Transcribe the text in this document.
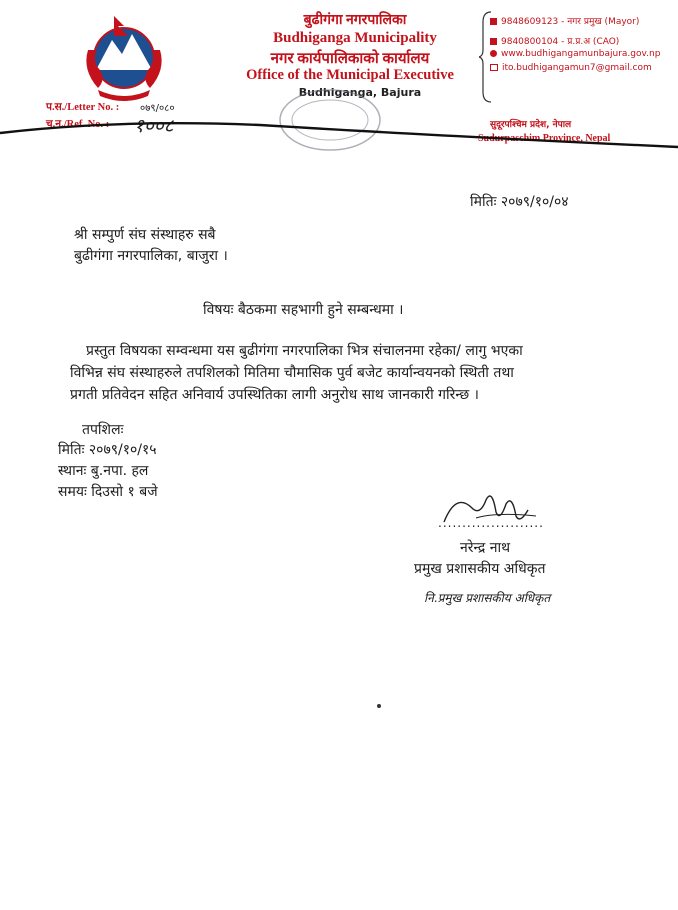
बुढीगंगा नगरपालिका
Budhiganga Municipality
नगर कार्यपालिकाको कार्यालय
Office of the Municipal Executive
Budhiganga, Bajura
9848609123 - नगर प्रमुख (Mayor)
9840800104 - प्र.प्र.अ (CAO)
www.budhigangamunbajura.gov.np
ito.budhigangamun7@gmail.com
प.स./Letter No. : ०७९/०८०
च.न./Ref. No. : १००८	सुदूरपश्चिम प्रदेश, नेपाल
Sudurpaschim Province, Nepal
मितिः २०७९/१०/०४
श्री सम्पुर्ण संघ संस्थाहरु सबै
बुढीगंगा नगरपालिका, बाजुरा ।
विषयः बैठकमा सहभागी हुने सम्बन्धमा ।
प्रस्तुत विषयका सम्वन्धमा यस बुढीगंगा नगरपालिका भित्र संचालनमा रहेका/ लागु भएका
विभिन्न संघ संस्थाहरुले तपशिलको मितिमा चौमासिक पुर्व बजेट कार्यान्वयनको स्थिती तथा
प्रगती प्रतिवेदन सहित अनिवार्य उपस्थितिका लागी अनुरोध साथ जानकारी गरिन्छ ।
तपशिलः
मितिः २०७९/१०/१५
स्थानः बु.नपा. हल
समयः दिउसो १ बजे
......................
नरेन्द्र नाथ
प्रमुख प्रशासकीय अधिकृत
नि.प्रमुख प्रशासकीय अधिकृत
